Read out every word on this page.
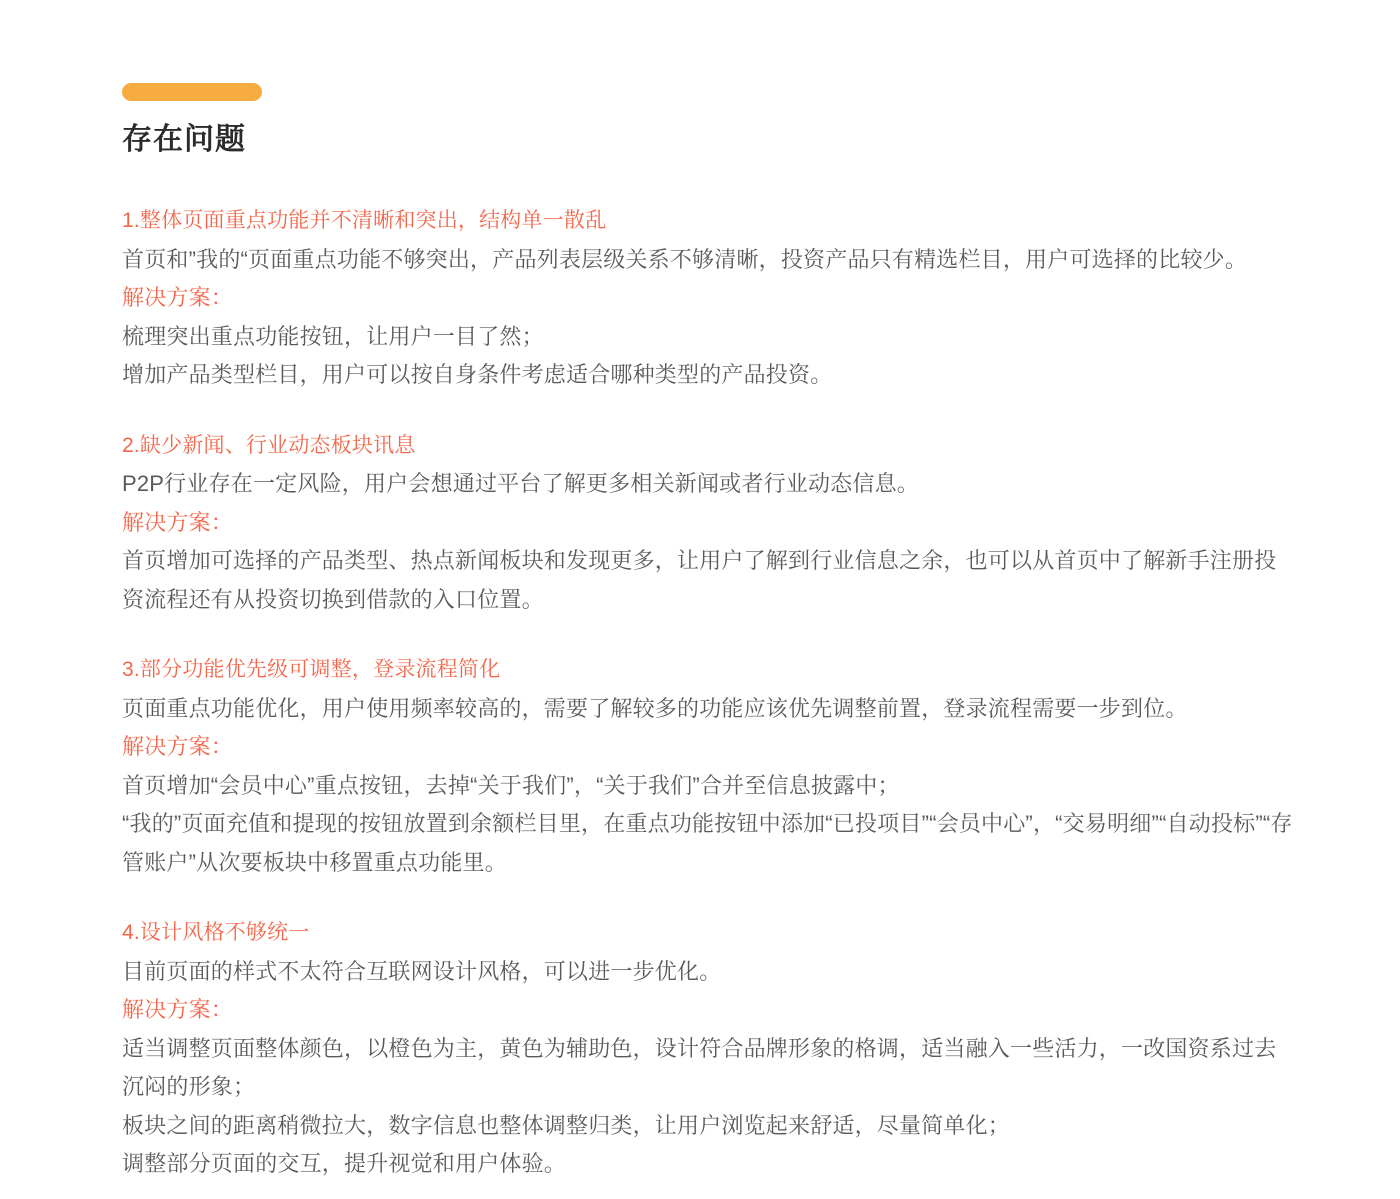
存在问题

1.整体页面重点功能并不清晰和突出，结构单一散乱

首页和”我的“页面重点功能不够突出，产品列表层级关系不够清晰，投资产品只有精选栏目，用户可选择的比较少。

解决方案：

梳理突出重点功能按钮，让用户一目了然；

增加产品类型栏目，用户可以按自身条件考虑适合哪种类型的产品投资。

2.缺少新闻、行业动态板块讯息

P2P行业存在一定风险，用户会想通过平台了解更多相关新闻或者行业动态信息。

解决方案：

首页增加可选择的产品类型、热点新闻板块和发现更多，让用户了解到行业信息之余，也可以从首页中了解新手注册投资流程还有从投资切换到借款的入口位置。

3.部分功能优先级可调整，登录流程简化

页面重点功能优化，用户使用频率较高的，需要了解较多的功能应该优先调整前置，登录流程需要一步到位。

解决方案：

首页增加“会员中心”重点按钮，去掉“关于我们”，“关于我们”合并至信息披露中；

“我的”页面充值和提现的按钮放置到余额栏目里，在重点功能按钮中添加“已投项目”“会员中心”，“交易明细”“自动投标”“存管账户”从次要板块中移置重点功能里。

4.设计风格不够统一

目前页面的样式不太符合互联网设计风格，可以进一步优化。

解决方案：

适当调整页面整体颜色，以橙色为主，黄色为辅助色，设计符合品牌形象的格调，适当融入一些活力，一改国资系过去沉闷的形象；

板块之间的距离稍微拉大，数字信息也整体调整归类，让用户浏览起来舒适，尽量简单化；

调整部分页面的交互，提升视觉和用户体验。
